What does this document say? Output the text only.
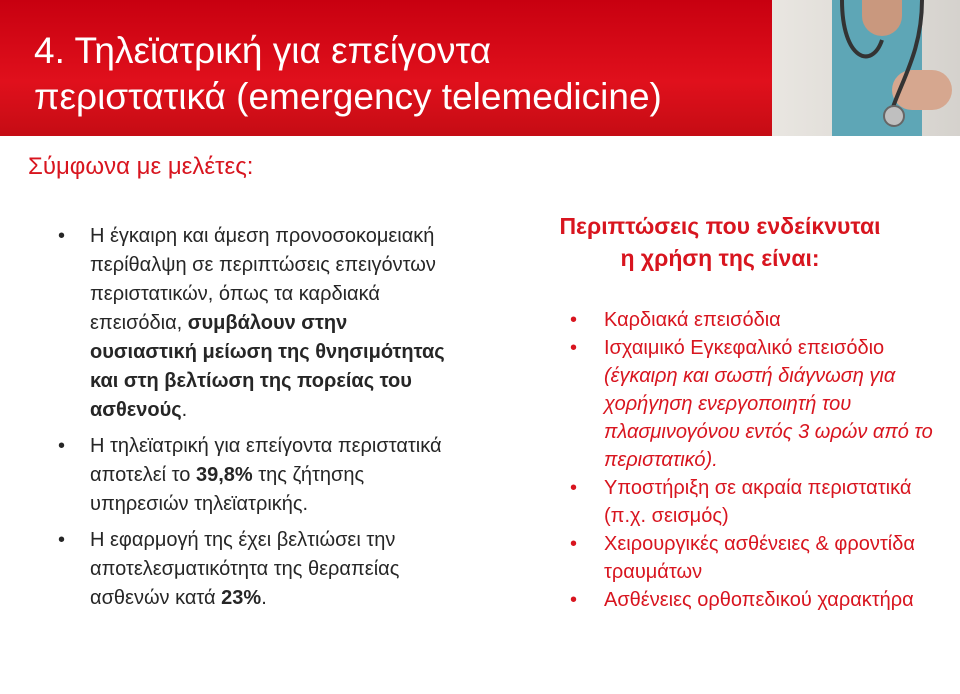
4. Τηλεϊατρική για επείγοντα
περιστατικά (emergency telemedicine)
Σύμφωνα με μελέτες:
• Η έγκαιρη και άμεση προνοσοκομειακή περίθαλψη σε περιπτώσεις επειγόντων περιστατικών, όπως τα καρδιακά επεισόδια, συμβάλουν στην ουσιαστική μείωση της θνησιμότητας και στη βελτίωση της πορείας του ασθενούς.
• Η τηλεϊατρική για επείγοντα περιστατικά αποτελεί το 39,8% της ζήτησης υπηρεσιών τηλεϊατρικής.
• Η εφαρμογή της έχει βελτιώσει την αποτελεσματικότητα της θεραπείας ασθενών κατά 23%.
Περιπτώσεις που ενδείκνυται
η χρήση της είναι:
• Καρδιακά επεισόδια
• Ισχαιμικό Εγκεφαλικό επεισόδιο (έγκαιρη και σωστή διάγνωση για χορήγηση ενεργοποιητή του πλασμινογόνου εντός 3 ωρών από το περιστατικό).
• Υποστήριξη σε ακραία περιστατικά (π.χ. σεισμός)
• Χειρουργικές ασθένειες & φροντίδα τραυμάτων
• Ασθένειες ορθοπεδικού χαρακτήρα
